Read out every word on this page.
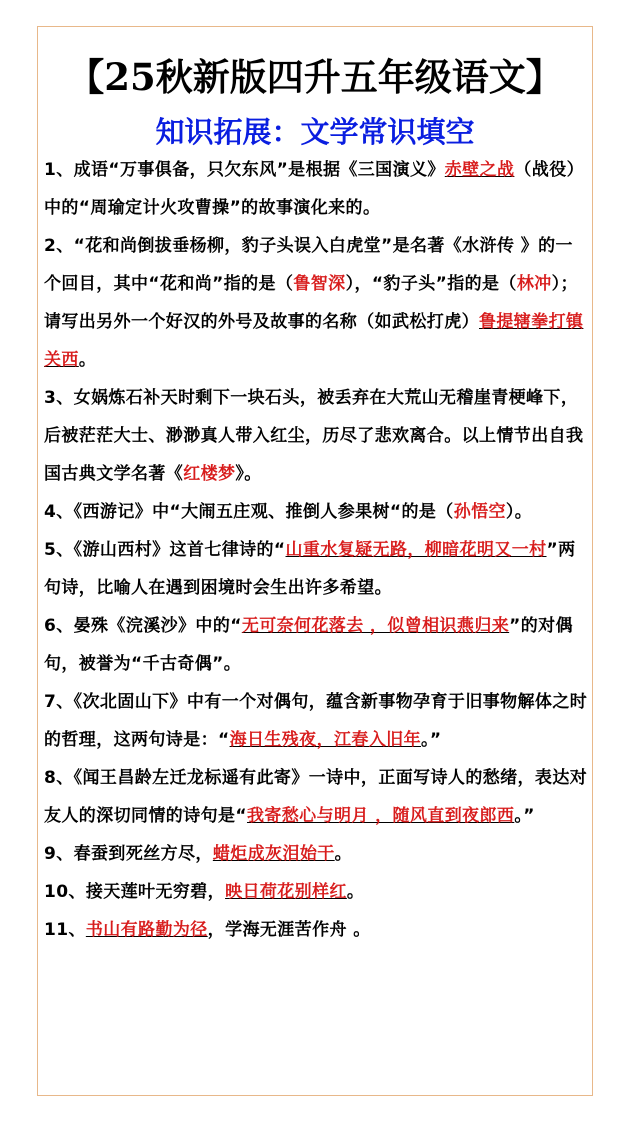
【25秋新版四升五年级语文】
知识拓展：文学常识填空

1、成语“万事俱备，只欠东风”是根据《三国演义》赤壁之战（战役）中的“周瑜定计火攻曹操”的故事演化来的。

2、“花和尚倒拔垂杨柳，豹子头误入白虎堂”是名著《水浒传 》的一个回目，其中“花和尚”指的是（鲁智深），“豹子头”指的是（林冲）；请写出另外一个好汉的外号及故事的名称（如武松打虎）鲁提辖拳打镇关西。

3、女娲炼石补天时剩下一块石头，被丢弃在大荒山无稽崖青梗峰下，后被茫茫大士、渺渺真人带入红尘，历尽了悲欢离合。以上情节出自我国古典文学名著《红楼梦》。

4、《西游记》中“大闹五庄观、推倒人参果树“的是（孙悟空）。

5、《游山西村》这首七律诗的“山重水复疑无路，柳暗花明又一村”两句诗，比喻人在遇到困境时会生出许多希望。

6、晏殊《浣溪沙》中的“无可奈何花落去 ，似曾相识燕归来”的对偶句，被誉为“千古奇偶”。

7、《次北固山下》中有一个对偶句，蕴含新事物孕育于旧事物解体之时的哲理，这两句诗是：“海日生残夜，江春入旧年。”

8、《闻王昌龄左迁龙标遥有此寄》一诗中，正面写诗人的愁绪，表达对友人的深切同情的诗句是“我寄愁心与明月 ，随风直到夜郎西。”

9、春蚕到死丝方尽，蜡炬成灰泪始干。

10、接天莲叶无穷碧，映日荷花别样红。

11、书山有路勤为径，学海无涯苦作舟 。
